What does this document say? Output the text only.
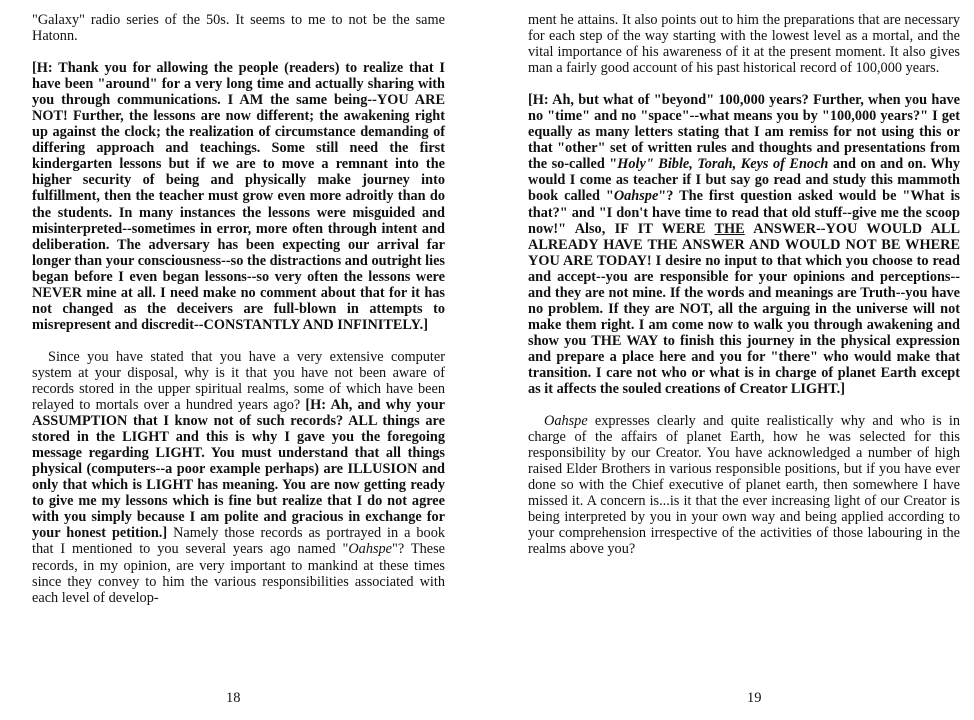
"Galaxy" radio series of the 50s. It seems to me to not be the same Hatonn.

[H: Thank you for allowing the people (readers) to realize that I have been "around" for a very long time and actually sharing with you through communications. I AM the same being--YOU ARE NOT! Further, the lessons are now different; the awakening right up against the clock; the realization of circumstance demanding of differing approach and teachings. Some still need the first kindergarten lessons but if we are to move a remnant into the higher security of being and physically make journey into fulfillment, then the teacher must grow even more adroitly than do the students. In many instances the lessons were misguided and misinterpreted--sometimes in error, more often through intent and deliberation. The adversary has been expecting our arrival far longer than your consciousness--so the distractions and outright lies began before I even began lessons--so very often the lessons were NEVER mine at all. I need make no comment about that for it has not changed as the deceivers are full-blown in attempts to misrepresent and discredit--CONSTANTLY AND INFINITELY.]

Since you have stated that you have a very extensive computer system at your disposal, why is it that you have not been aware of records stored in the upper spiritual realms, some of which have been relayed to mortals over a hundred years ago? [H: Ah, and why your ASSUMPTION that I know not of such records? ALL things are stored in the LIGHT and this is why I gave you the foregoing message regarding LIGHT. You must understand that all things physical (computers--a poor example perhaps) are ILLUSION and only that which is LIGHT has meaning. You are now getting ready to give me my lessons which is fine but realize that I do not agree with you simply because I am polite and gracious in exchange for your honest petition.] Namely those records as portrayed in a book that I mentioned to you several years ago named "Oahspe"? These records, in my opinion, are very important to mankind at these times since they convey to him the various responsibilities associated with each level of develop-

ment he attains. It also points out to him the preparations that are necessary for each step of the way starting with the lowest level as a mortal, and the vital importance of his awareness of it at the present moment. It also gives man a fairly good account of his past historical record of 100,000 years.

[H: Ah, but what of "beyond" 100,000 years? Further, when you have no "time" and no "space"--what means you by "100,000 years?" I get equally as many letters stating that I am remiss for not using this or that "other" set of written rules and thoughts and presentations from the so-called "Holy" Bible, Torah, Keys of Enoch and on and on. Why would I come as teacher if I but say go read and study this mammoth book called "Oahspe"? The first question asked would be "What is that?" and "I don't have time to read that old stuff--give me the scoop now!" Also, IF IT WERE THE ANSWER--YOU WOULD ALL ALREADY HAVE THE ANSWER AND WOULD NOT BE WHERE YOU ARE TODAY! I desire no input to that which you choose to read and accept--you are responsible for your opinions and perceptions--and they are not mine. If the words and meanings are Truth--you have no problem. If they are NOT, all the arguing in the universe will not make them right. I am come now to walk you through awakening and show you THE WAY to finish this journey in the physical expression and prepare a place here and you for "there" who would make that transition. I care not who or what is in charge of planet Earth except as it affects the souled creations of Creator LIGHT.]

Oahspe expresses clearly and quite realistically why and who is in charge of the affairs of planet Earth, how he was selected for this responsibility by our Creator. You have acknowledged a number of high raised Elder Brothers in various responsible positions, but if you have ever done so with the Chief executive of planet earth, then somewhere I have missed it. A concern is...is it that the ever increasing light of our Creator is being interpreted by you in your own way and being applied according to your comprehension irrespective of the activities of those labouring in the realms above you?

18	19
